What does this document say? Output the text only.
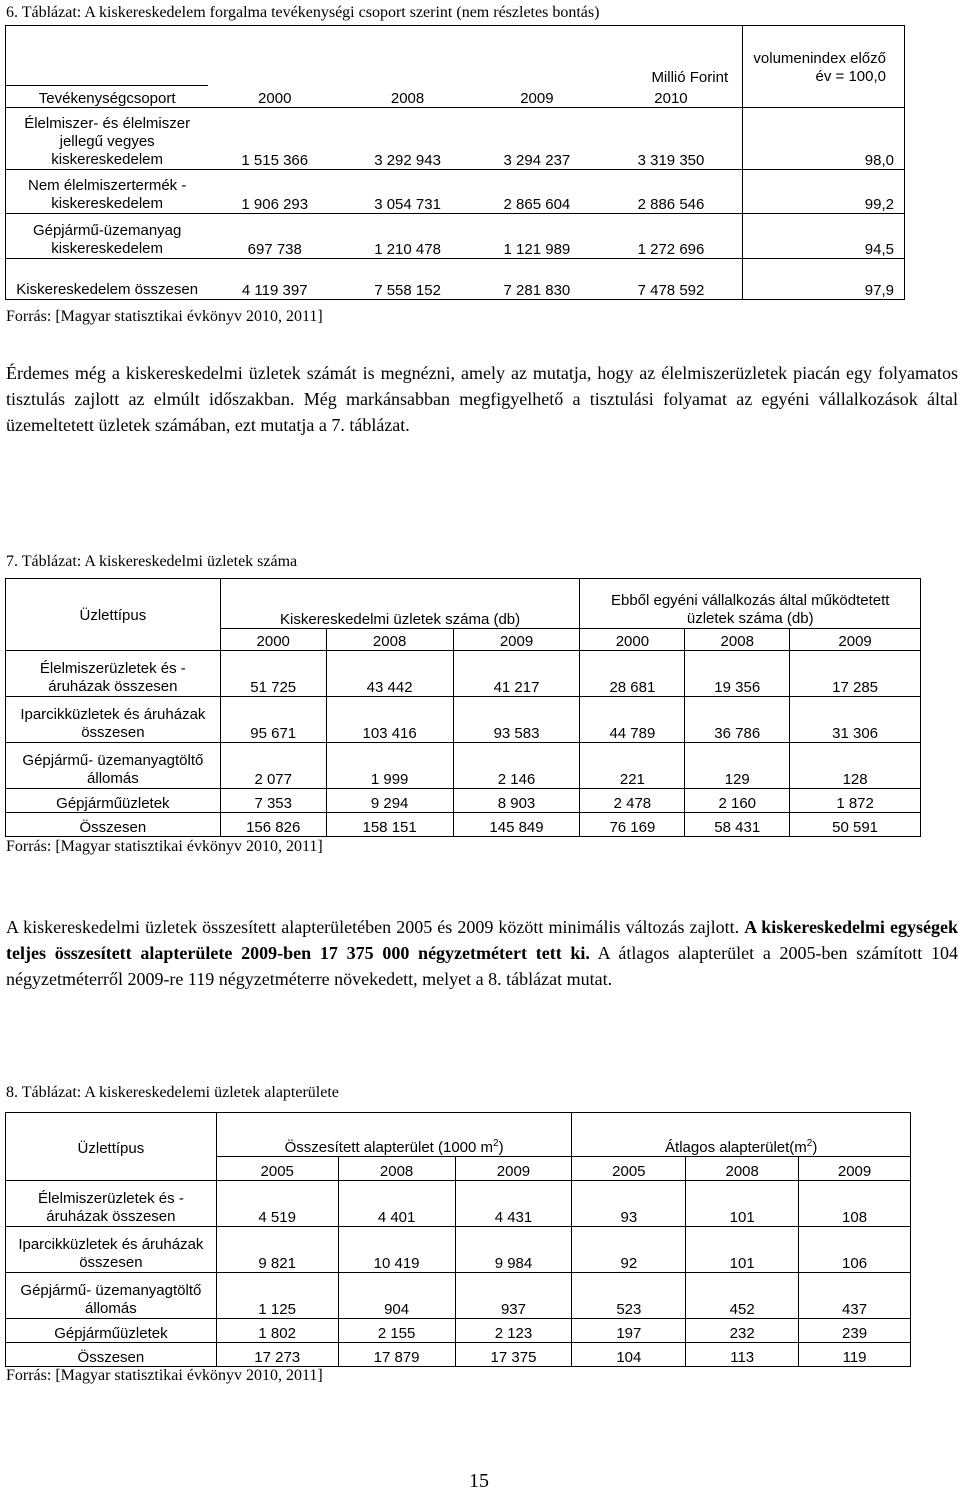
6. Táblázat: A kiskereskedelem forgalma tevékenységi csoport szerint (nem részletes bontás)
	Millió Forint				volumenindex előző év = 100,0
Tevékenységcsoport	2000	2008	2009	2010	
Élelmiszer- és élelmiszer jellegű vegyes kiskereskedelem	1 515 366	3 292 943	3 294 237	3 319 350	98,0
Nem élelmiszertermék - kiskereskedelem	1 906 293	3 054 731	2 865 604	2 886 546	99,2
Gépjármű-üzemanyag kiskereskedelem	697 738	1 210 478	1 121 989	1 272 696	94,5
Kiskereskedelem összesen	4 119 397	7 558 152	7 281 830	7 478 592	97,9
Forrás: [Magyar statisztikai évkönyv 2010, 2011]
Érdemes még a kiskereskedelmi üzletek számát is megnézni, amely az mutatja, hogy az élelmiszerüzletek piacán egy folyamatos tisztulás zajlott az elmúlt időszakban. Még markánsabban megfigyelhető a tisztulási folyamat az egyéni vállalkozások által üzemeltetett üzletek számában, ezt mutatja a 7. táblázat.
7. Táblázat: A kiskereskedelmi üzletek száma
Üzlettípus	Kiskereskedelmi üzletek száma (db)			Ebből egyéni vállalkozás által működtetett üzletek száma (db)		
	2000	2008	2009	2000	2008	2009
Élelmiszerüzletek és - áruházak összesen	51 725	43 442	41 217	28 681	19 356	17 285
Iparcikküzletek és áruházak összesen	95 671	103 416	93 583	44 789	36 786	31 306
Gépjármű- üzemanyagtöltő állomás	2 077	1 999	2 146	221	129	128
Gépjárműüzletek	7 353	9 294	8 903	2 478	2 160	1 872
Összesen	156 826	158 151	145 849	76 169	58 431	50 591
Forrás: [Magyar statisztikai évkönyv 2010, 2011]
A kiskereskedelmi üzletek összesített alapterületében 2005 és 2009 között minimális változás zajlott. A kiskereskedelmi egységek teljes összesített alapterülete 2009-ben 17 375 000 négyzetmétert tett ki. A átlagos alapterület a 2005-ben számított 104 négyzetméterről 2009-re 119 négyzetméterre növekedett, melyet a 8. táblázat mutat.
8. Táblázat: A kiskereskedelemi üzletek alapterülete
Üzlettípus	Összesített alapterület (1000 $m^2$)			Átlagos $alapterület(m^2)$		
	2005	2008	2009	2005	2008	2009
Élelmiszerüzletek és - áruházak összesen	4 519	4 401	4 431	93	101	108
Iparcikküzletek és áruházak összesen	9 821	10 419	9 984	92	101	106
Gépjármű- üzemanyagtöltő állomás	1 125	904	937	523	452	437
Gépjárműüzletek	1 802	2 155	2 123	197	232	239
Összesen	17 273	17 879	17 375	104	113	119
Forrás: [Magyar statisztikai évkönyv 2010, 2011]
15
